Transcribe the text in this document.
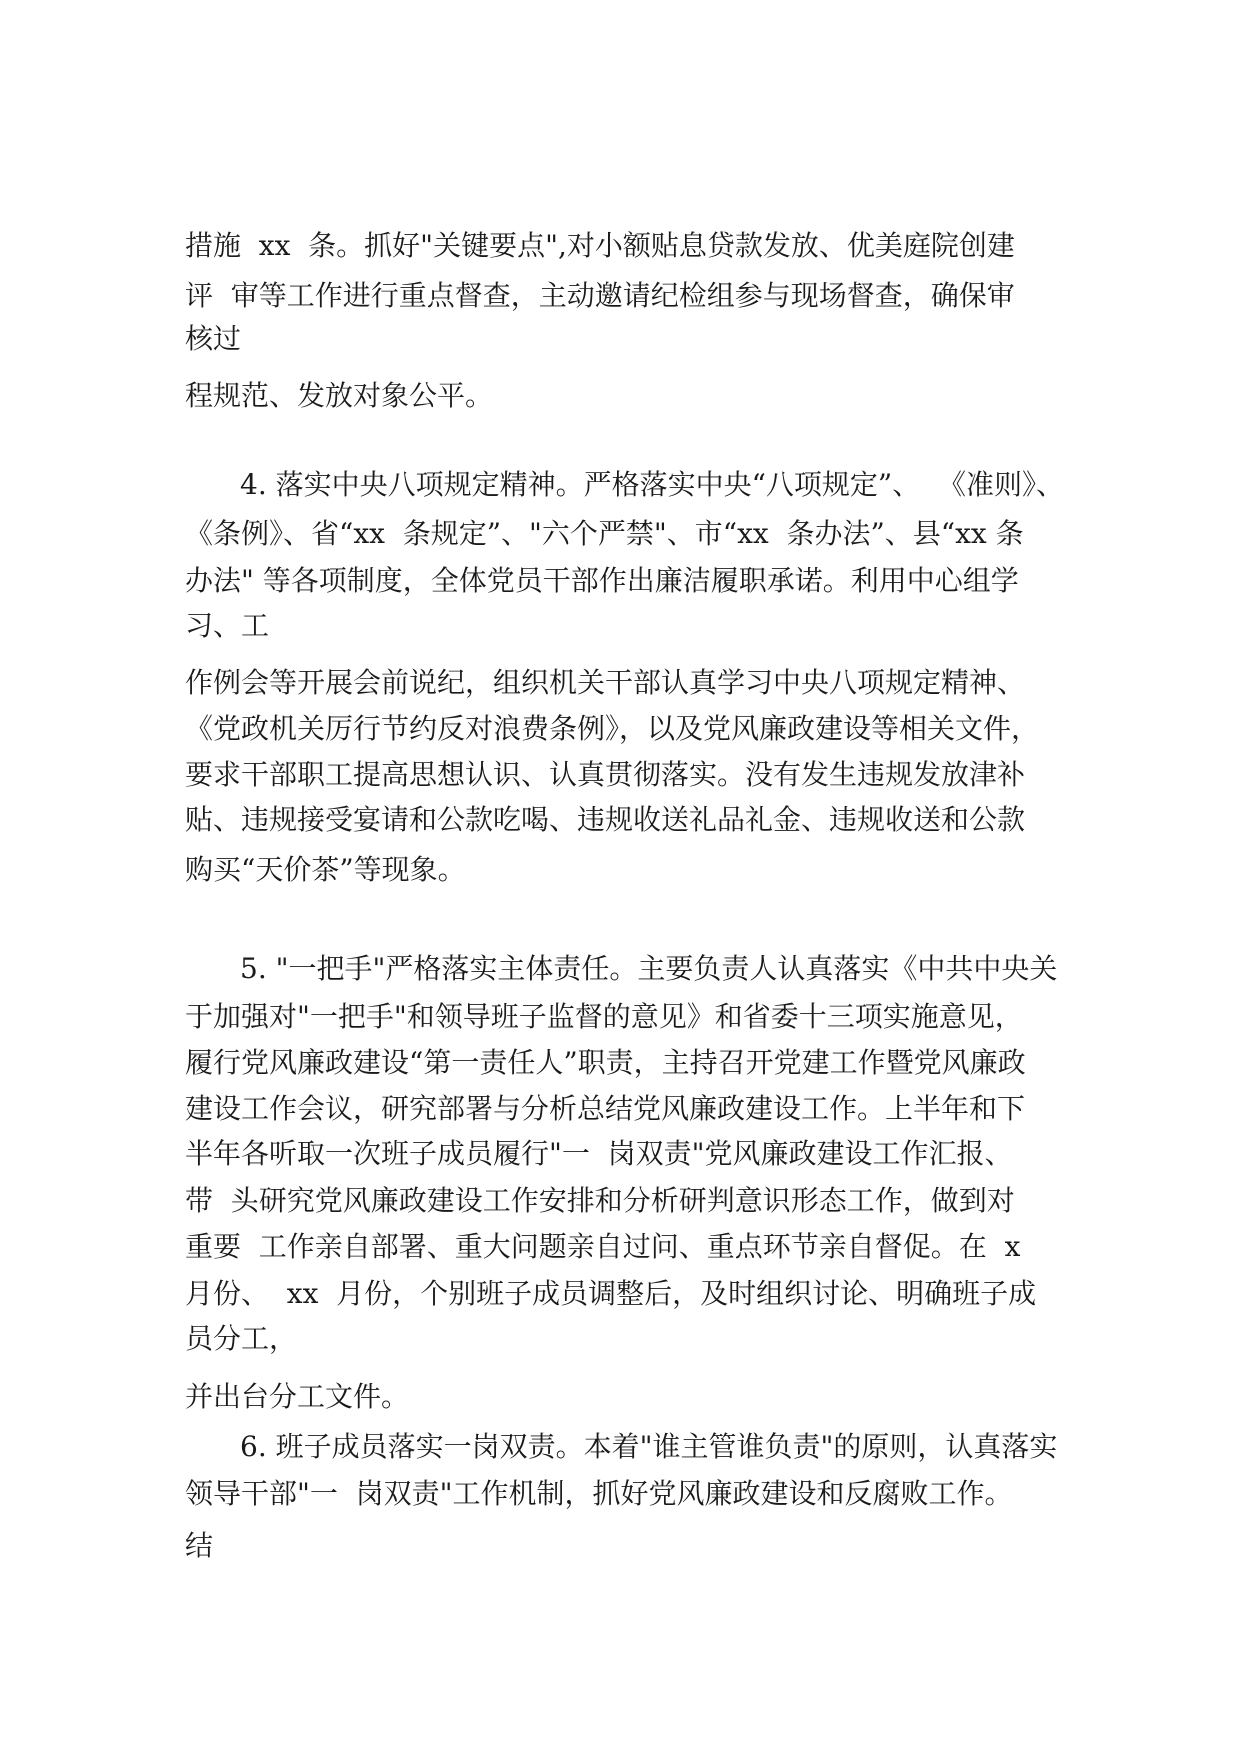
措施  xx  条。抓好"关键要点",对小额贴息贷款发放、优美庭院创建
评  审等工作进行重点督查，主动邀请纪检组参与现场督查，确保审
核过
程规范、发放对象公平。
4. 落实中央八项规定精神。严格落实中央“八项规定”、  《准则》、
《条例》、省“xx  条规定”、"六个严禁"、市“xx  条办法”、县“xx 条
办法" 等各项制度，全体党员干部作出廉洁履职承诺。利用中心组学
习、工
作例会等开展会前说纪，组织机关干部认真学习中央八项规定精神、
《党政机关厉行节约反对浪费条例》，以及党风廉政建设等相关文件，
要求干部职工提高思想认识、认真贯彻落实。没有发生违规发放津补
贴、违规接受宴请和公款吃喝、违规收送礼品礼金、违规收送和公款
购买“天价茶”等现象。
5. "一把手"严格落实主体责任。主要负责人认真落实《中共中央关
于加强对"一把手"和领导班子监督的意见》和省委十三项实施意见，
履行党风廉政建设“第一责任人”职责，主持召开党建工作暨党风廉政
建设工作会议，研究部署与分析总结党风廉政建设工作。上半年和下
半年各听取一次班子成员履行"一  岗双责"党风廉政建设工作汇报、
带  头研究党风廉政建设工作安排和分析研判意识形态工作，做到对
重要  工作亲自部署、重大问题亲自过问、重点环节亲自督促。在  x
月份、  xx  月份，个别班子成员调整后，及时组织讨论、明确班子成
员分工，
并出台分工文件。
6. 班子成员落实一岗双责。本着"谁主管谁负责"的原则，认真落实
领导干部"一  岗双责"工作机制，抓好党风廉政建设和反腐败工作。
结
